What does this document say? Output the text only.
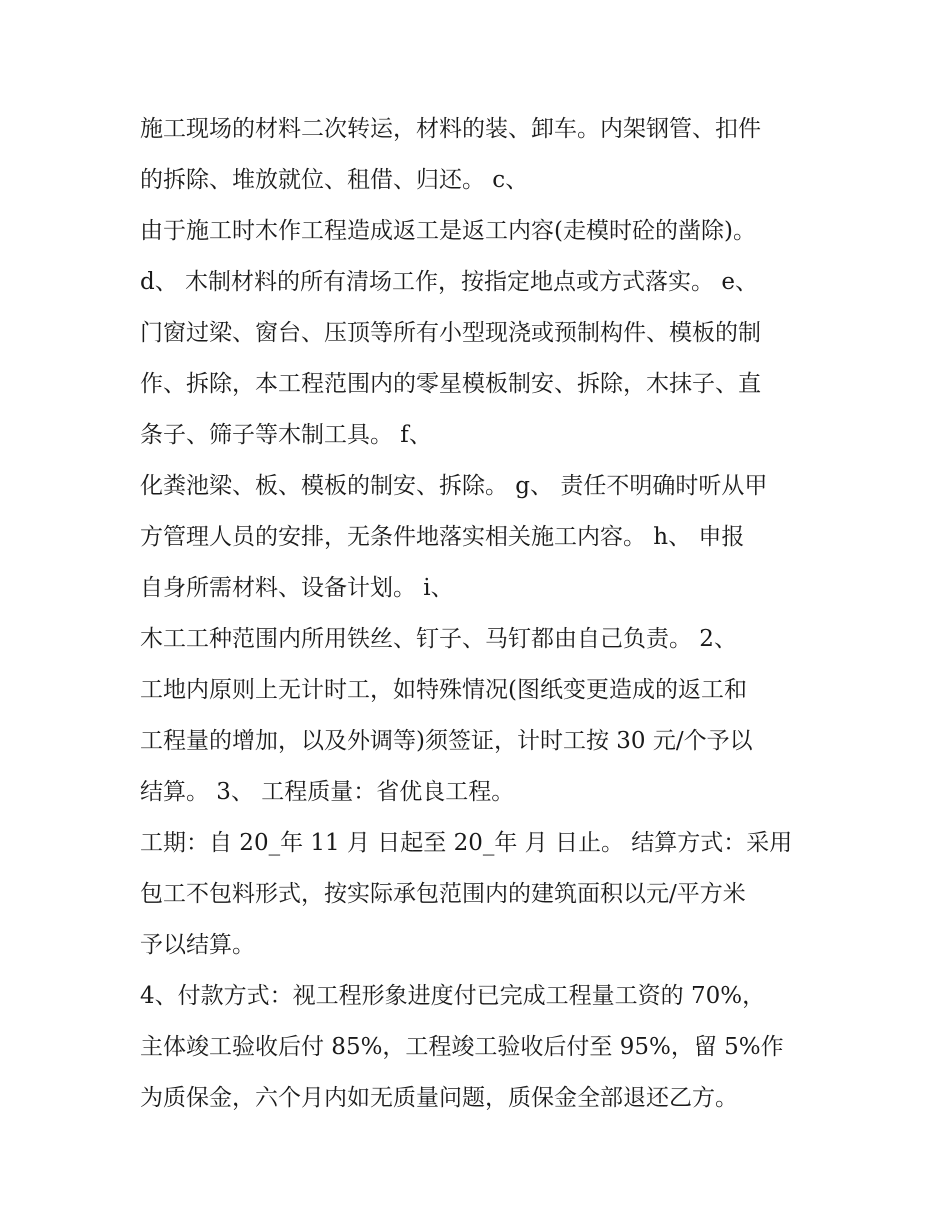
施工现场的材料二次转运，材料的装、卸车。内架钢管、扣件

的拆除、堆放就位、租借、归还。 c、

由于施工时木作工程造成返工是返工内容(走模时砼的凿除)。

d、 木制材料的所有清场工作，按指定地点或方式落实。 e、

门窗过梁、窗台、压顶等所有小型现浇或预制构件、模板的制

作、拆除，本工程范围内的零星模板制安、拆除，木抹子、直

条子、筛子等木制工具。 f、

化粪池梁、板、模板的制安、拆除。 g、 责任不明确时听从甲

方管理人员的安排，无条件地落实相关施工内容。 h、 申报

自身所需材料、设备计划。 i、

木工工种范围内所用铁丝、钉子、马钉都由自己负责。 2、

工地内原则上无计时工，如特殊情况(图纸变更造成的返工和

工程量的增加，以及外调等)须签证，计时工按 30 元/个予以

结算。 3、 工程质量：省优良工程。

工期：自 20_年 11 月 日起至 20_年 月 日止。 结算方式：采用

包工不包料形式，按实际承包范围内的建筑面积以元/平方米

予以结算。

4、付款方式：视工程形象进度付已完成工程量工资的 70%，

主体竣工验收后付 85%，工程竣工验收后付至 95%，留 5%作

为质保金，六个月内如无质量问题，质保金全部退还乙方。
